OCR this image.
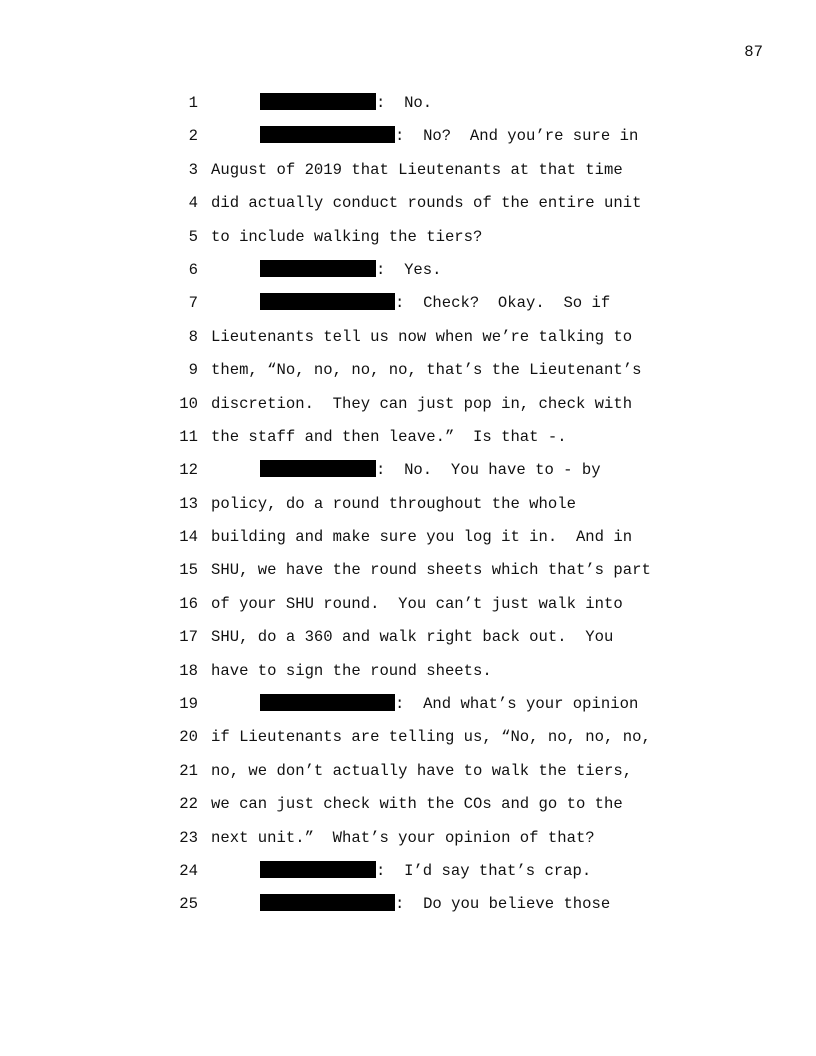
87
1	:  No.
2	:  No?  And you’re sure in
3 August of 2019 that Lieutenants at that time
4 did actually conduct rounds of the entire unit
5 to include walking the tiers?
6	:  Yes.
7	:  Check?  Okay.  So if
8 Lieutenants tell us now when we’re talking to
9 them, “No, no, no, no, that’s the Lieutenant’s
10 discretion.  They can just pop in, check with
11 the staff and then leave.”  Is that -.
12	:  No.  You have to - by
13 policy, do a round throughout the whole
14 building and make sure you log it in.  And in
15 SHU, we have the round sheets which that’s part
16 of your SHU round.  You can’t just walk into
17 SHU, do a 360 and walk right back out.  You
18 have to sign the round sheets.
19	:  And what’s your opinion
20 if Lieutenants are telling us, “No, no, no, no,
21 no, we don’t actually have to walk the tiers,
22 we can just check with the COs and go to the
23 next unit.”  What’s your opinion of that?
24	:  I’d say that’s crap.
25	:  Do you believe those
